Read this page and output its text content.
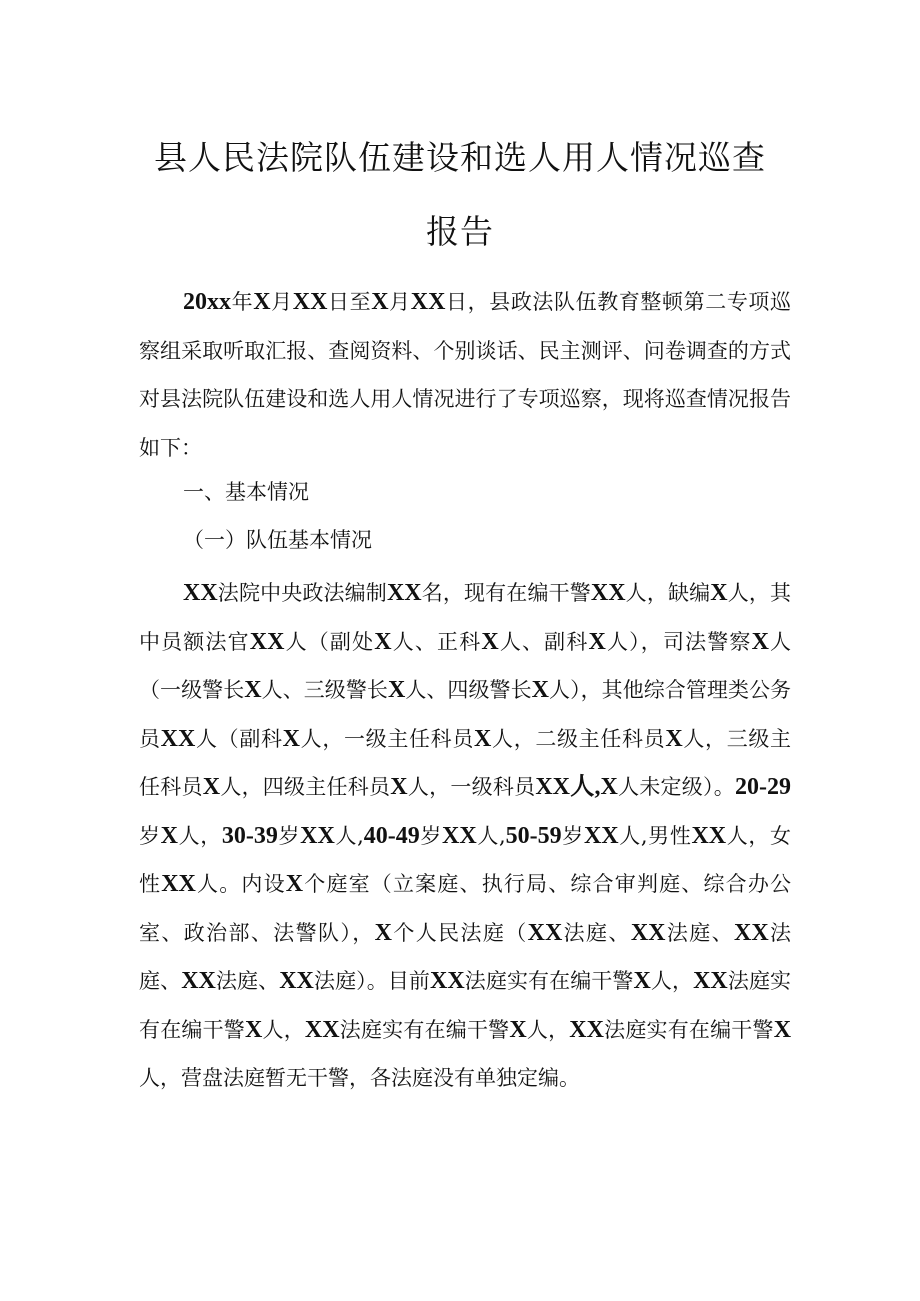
县人民法院队伍建设和选人用人情况巡查
报告

20xx年X月XX日至X月XX日，县政法队伍教育整顿第二专项巡察组采取听取汇报、查阅资料、个别谈话、民主测评、问卷调查的方式对县法院队伍建设和选人用人情况进行了专项巡察，现将巡查情况报告如下：

一、基本情况

（一）队伍基本情况

XX法院中央政法编制XX名，现有在编干警XX人，缺编X人，其中员额法官XX人（副处X人、正科X人、副科X人），司法警察X人（一级警长X人、三级警长X人、四级警长X人），其他综合管理类公务员XX人（副科X人，一级主任科员X人，二级主任科员X人，三级主任科员X人，四级主任科员X人，一级科员XX人,X人未定级）。20-29岁X人，30-39岁XX人,40-49岁XX人,50-59岁XX人,男性XX人，女性XX人。内设X个庭室（立案庭、执行局、综合审判庭、综合办公室、政治部、法警队），X个人民法庭（XX法庭、XX法庭、XX法庭、XX法庭、XX法庭）。目前XX法庭实有在编干警X人，XX法庭实有在编干警X人，XX法庭实有在编干警X人，XX法庭实有在编干警X人，营盘法庭暂无干警，各法庭没有单独定编。
